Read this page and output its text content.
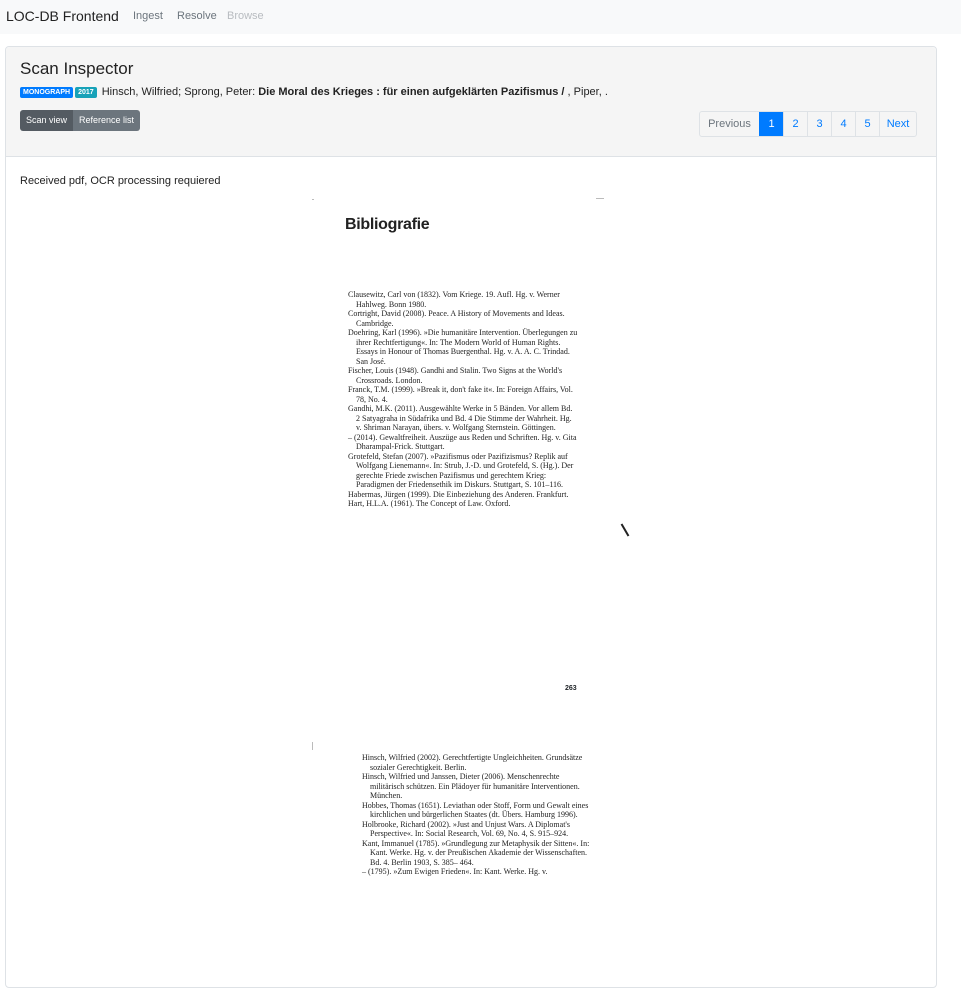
LOC-DB Frontend Ingest Resolve Browse
Scan Inspector
MONOGRAPH 2017 Hinsch, Wilfried; Sprong, Peter: Die Moral des Krieges : für einen aufgeklärten Pazifismus / , Piper, .
Scan view	Reference list	Previous	1	2	3	4	5	Next
Received pdf, OCR processing requiered
Bibliografie

Clausewitz, Carl von (1832). Vom Kriege. 19. Aufl. Hg. v. Werner Hahlweg. Bonn 1980.

Cortright, David (2008). Peace. A History of Movements and Ideas. Cambridge.

Doehring, Karl (1996). »Die humanitäre Intervention. Überlegungen zu ihrer Rechtfertigung«. In: The Modern World of Human Rights. Essays in Honour of Thomas Buergenthal. Hg. v. A. A. C. Trindad. San José.

Fischer, Louis (1948). Gandhi and Stalin. Two Signs at the World's Crossroads. London.

Franck, T.M. (1999). »Break it, don't fake it«. In: Foreign Affairs, Vol. 78, No. 4.

Gandhi, M.K. (2011). Ausgewählte Werke in 5 Bänden. Vor allem Bd. 2 Satyagraha in Südafrika und Bd. 4 Die Stimme der Wahrheit. Hg. v. Shriman Narayan, übers. v. Wolfgang Sternstein. Göttingen.

– (2014). Gewaltfreiheit. Auszüge aus Reden und Schriften. Hg. v. Gita Dharampal-Frick. Stuttgart.

Grotefeld, Stefan (2007). »Pazifismus oder Pazifizismus? Replik auf Wolfgang Lienemann«. In: Strub, J.-D. und Grotefeld, S. (Hg.). Der gerechte Friede zwischen Pazifismus und gerechtem Krieg: Paradigmen der Friedensethik im Diskurs. Stuttgart, S. 101–116.

Habermas, Jürgen (1999). Die Einbeziehung des Anderen. Frankfurt.

Hart, H.L.A. (1961). The Concept of Law. Oxford.

263

Hinsch, Wilfried (2002). Gerechtfertigte Ungleichheiten. Grundsätze sozialer Gerechtigkeit. Berlin.

Hinsch, Wilfried und Janssen, Dieter (2006). Menschenrechte militärisch schützen. Ein Plädoyer für humanitäre Interventionen. München.

Hobbes, Thomas (1651). Leviathan oder Stoff, Form und Gewalt eines kirchlichen und bürgerlichen Staates (dt. Übers. Hamburg 1996).

Holbrooke, Richard (2002). »Just and Unjust Wars. A Diplomat's Perspective«. In: Social Research, Vol. 69, No. 4, S. 915–924.

Kant, Immanuel (1785). »Grundlegung zur Metaphysik der Sitten«. In: Kant. Werke. Hg. v. der Preußischen Akademie der Wissenschaften. Bd. 4. Berlin 1903, S. 385– 464.

– (1795). »Zum Ewigen Frieden«. In: Kant. Werke. Hg. v.
